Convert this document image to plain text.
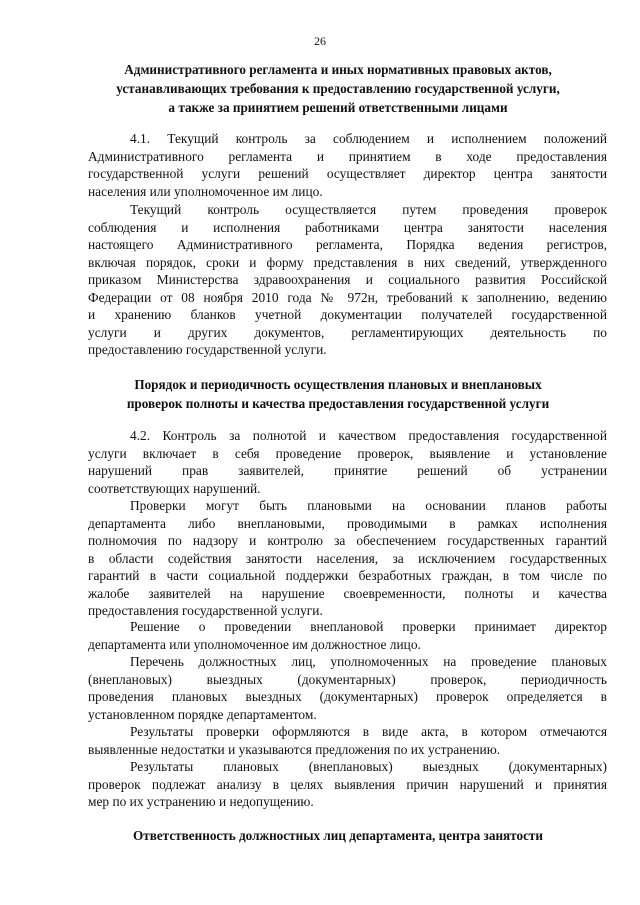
26
Административного регламента и иных нормативных правовых актов,
устанавливающих требования к предоставлению государственной услуги,
а также за принятием решений ответственными лицами
4.1. Текущий контроль за соблюдением и исполнением положений
Административного регламента и принятием в ходе предоставления
государственной услуги решений осуществляет директор центра занятости
населения или уполномоченное им лицо.
Текущий контроль осуществляется путем проведения проверок
соблюдения и исполнения работниками центра занятости населения
настоящего Административного регламента, Порядка ведения регистров,
включая порядок, сроки и форму представления в них сведений, утвержденного
приказом Министерства здравоохранения и социального развития Российской
Федерации от 08 ноября 2010 года № 972н, требований к заполнению, ведению
и хранению бланков учетной документации получателей государственной
услуги и других документов, регламентирующих деятельность по
предоставлению государственной услуги.
Порядок и периодичность осуществления плановых и внеплановых
проверок полноты и качества предоставления государственной услуги
4.2. Контроль за полнотой и качеством предоставления государственной
услуги включает в себя проведение проверок, выявление и установление
нарушений прав заявителей, принятие решений об устранении
соответствующих нарушений.
Проверки могут быть плановыми на основании планов работы
департамента либо внеплановыми, проводимыми в рамках исполнения
полномочия по надзору и контролю за обеспечением государственных гарантий
в области содействия занятости населения, за исключением государственных
гарантий в части социальной поддержки безработных граждан, в том числе по
жалобе заявителей на нарушение своевременности, полноты и качества
предоставления государственной услуги.
Решение о проведении внеплановой проверки принимает директор
департамента или уполномоченное им должностное лицо.
Перечень должностных лиц, уполномоченных на проведение плановых
(внеплановых) выездных (документарных) проверок, периодичность
проведения плановых выездных (документарных) проверок определяется в
установленном порядке департаментом.
Результаты проверки оформляются в виде акта, в котором отмечаются
выявленные недостатки и указываются предложения по их устранению.
Результаты плановых (внеплановых) выездных (документарных)
проверок подлежат анализу в целях выявления причин нарушений и принятия
мер по их устранению и недопущению.
Ответственность должностных лиц департамента, центра занятости
